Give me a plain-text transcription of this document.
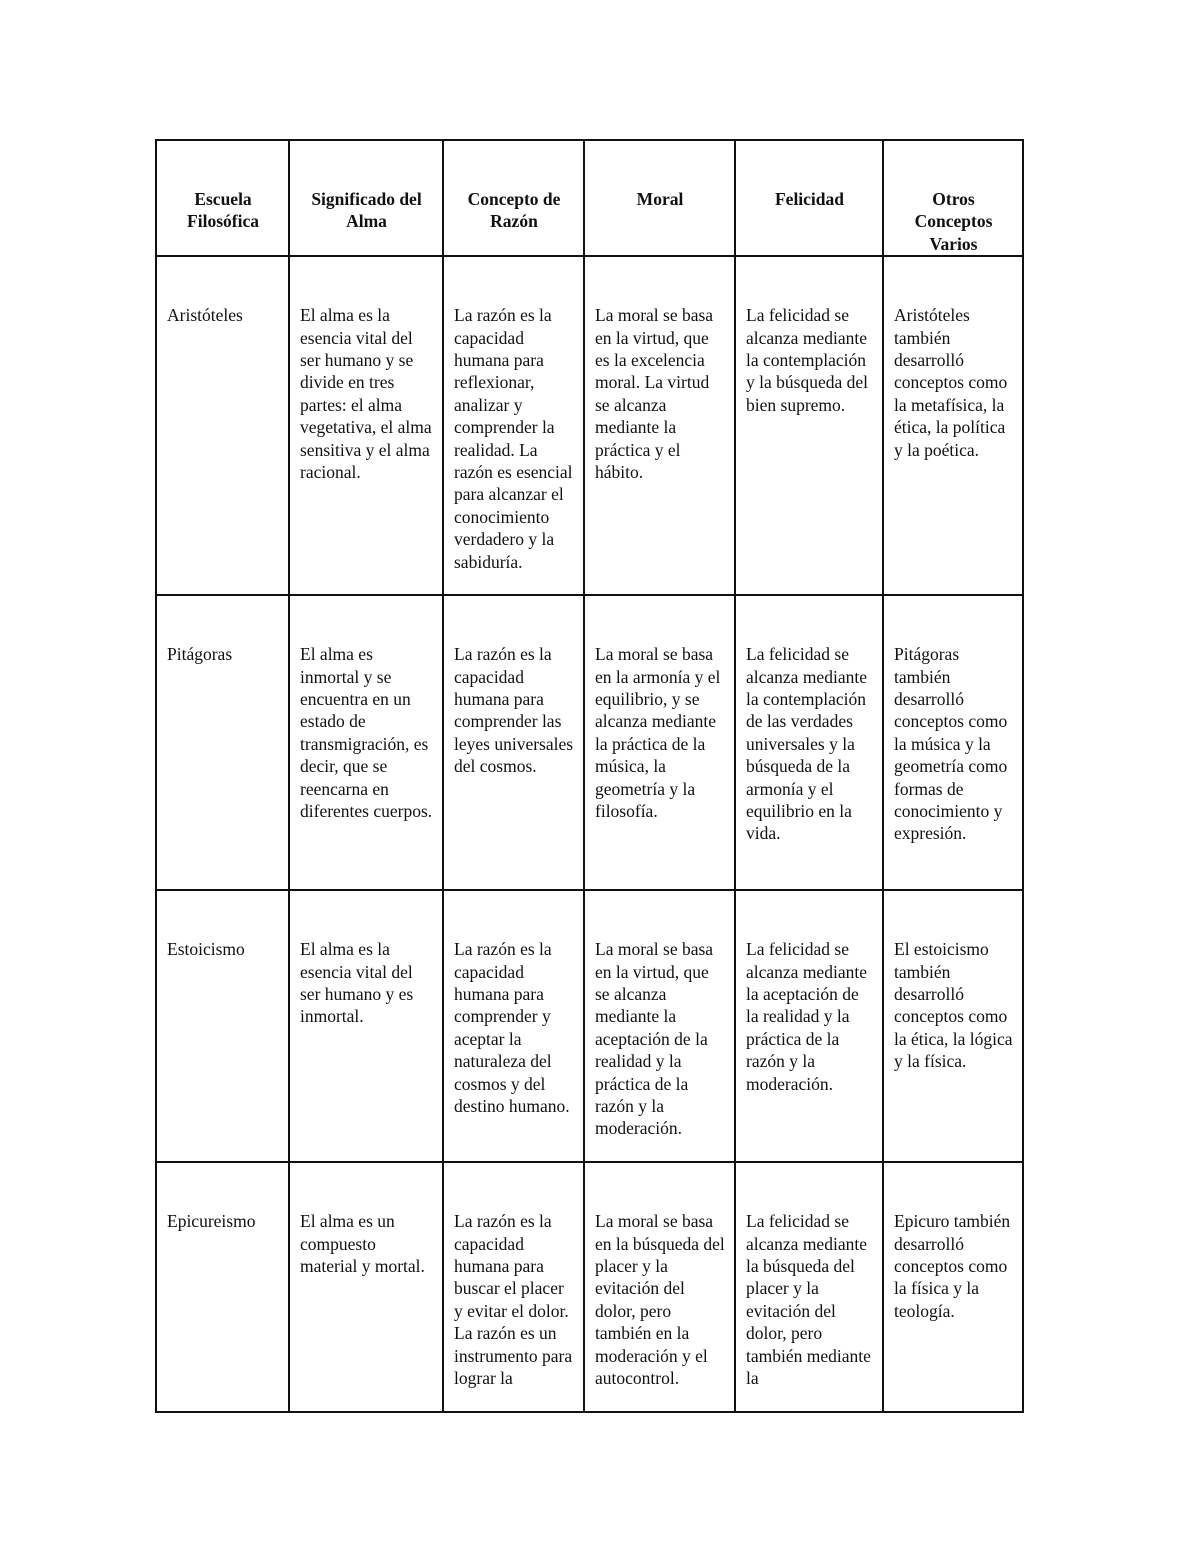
Escuela Filosófica	Significado del Alma	Concepto de Razón	Moral	Felicidad	Otros Conceptos Varios

Aristóteles	El alma es la esencia vital del ser humano y se divide en tres partes: el alma vegetativa, el alma sensitiva y el alma racional.	La razón es la capacidad humana para reflexionar, analizar y comprender la realidad. La razón es esencial para alcanzar el conocimiento verdadero y la sabiduría.	La moral se basa en la virtud, que es la excelencia moral. La virtud se alcanza mediante la práctica y el hábito.	La felicidad se alcanza mediante la contemplación y la búsqueda del bien supremo.	Aristóteles también desarrolló conceptos como la metafísica, la ética, la política y la poética.

Pitágoras	El alma es inmortal y se encuentra en un estado de transmigración, es decir, que se reencarna en diferentes cuerpos.	La razón es la capacidad humana para comprender las leyes universales del cosmos.	La moral se basa en la armonía y el equilibrio, y se alcanza mediante la práctica de la música, la geometría y la filosofía.	La felicidad se alcanza mediante la contemplación de las verdades universales y la búsqueda de la armonía y el equilibrio en la vida.	Pitágoras también desarrolló conceptos como la música y la geometría como formas de conocimiento y expresión.

Estoicismo	El alma es la esencia vital del ser humano y es inmortal.	La razón es la capacidad humana para comprender y aceptar la naturaleza del cosmos y del destino humano.	La moral se basa en la virtud, que se alcanza mediante la aceptación de la realidad y la práctica de la razón y la moderación.	La felicidad se alcanza mediante la aceptación de la realidad y la práctica de la razón y la moderación.	El estoicismo también desarrolló conceptos como la ética, la lógica y la física.

Epicureismo	El alma es un compuesto material y mortal.	La razón es la capacidad humana para buscar el placer y evitar el dolor. La razón es un instrumento para lograr la	La moral se basa en la búsqueda del placer y la evitación del dolor, pero también en la moderación y el autocontrol.	La felicidad se alcanza mediante la búsqueda del placer y la evitación del dolor, pero también mediante la	Epicuro también desarrolló conceptos como la física y la teología.
